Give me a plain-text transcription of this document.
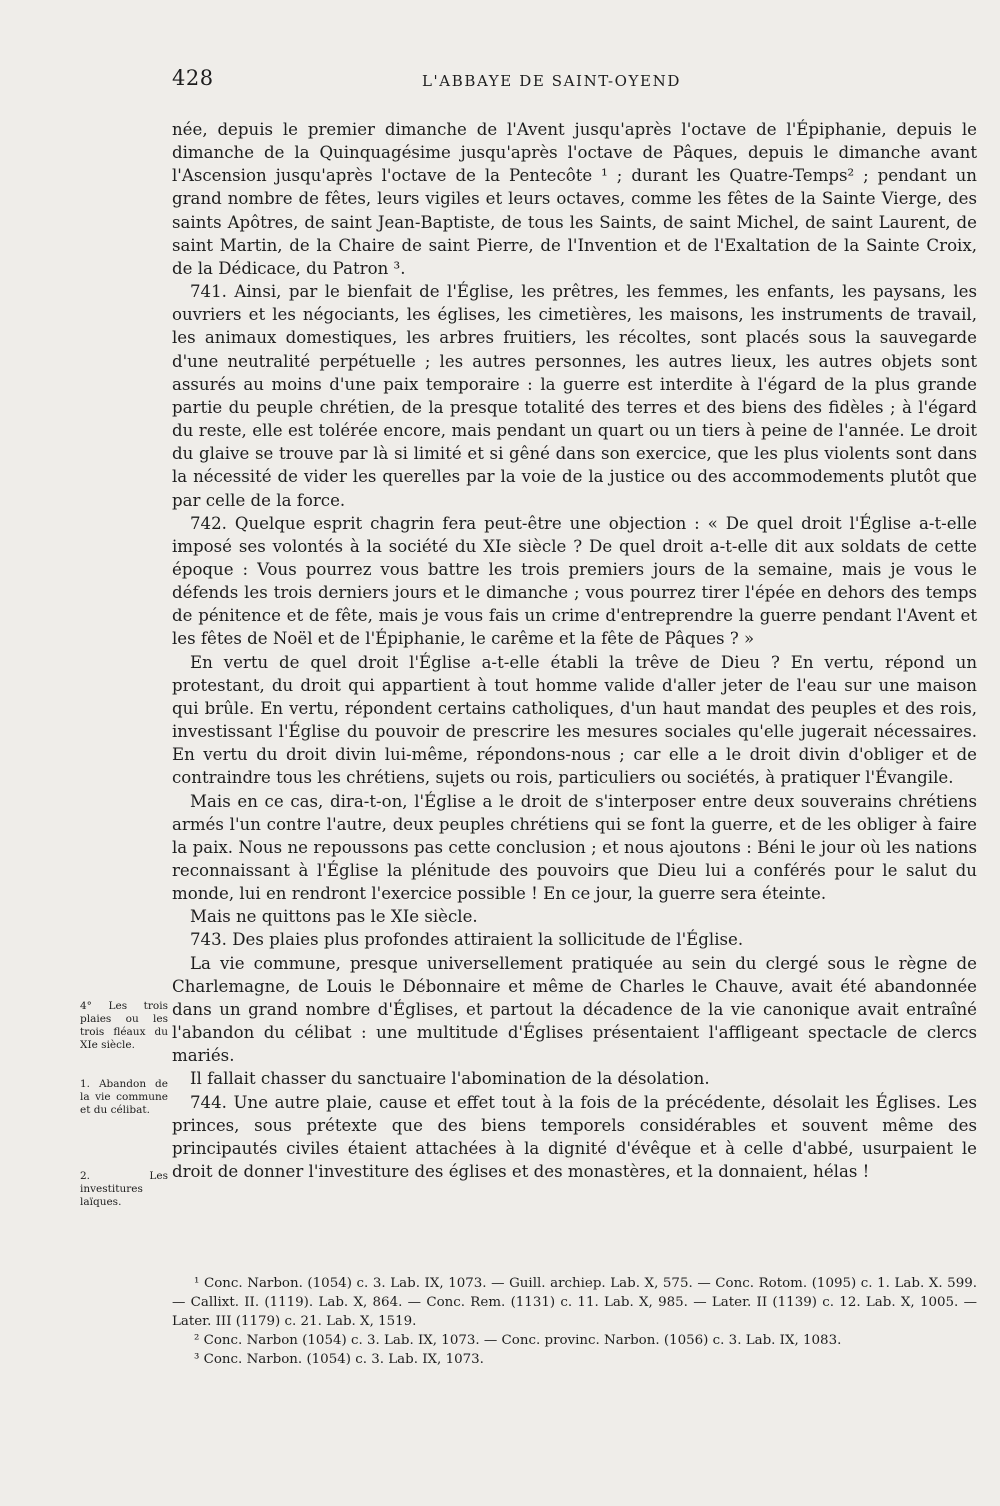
428	L'ABBAYE DE SAINT-OYEND

née, depuis le premier dimanche de l'Avent jusqu'après l'octave de l'Épiphanie, depuis le dimanche de la Quinquagésime jusqu'après l'octave de Pâques, depuis le dimanche avant l'Ascension jusqu'après l'octave de la Pentecôte ¹ ; durant les Quatre-Temps² ; pendant un grand nombre de fêtes, leurs vigiles et leurs octaves, comme les fêtes de la Sainte Vierge, des saints Apôtres, de saint Jean-Baptiste, de tous les Saints, de saint Michel, de saint Laurent, de saint Martin, de la Chaire de saint Pierre, de l'Invention et de l'Exaltation de la Sainte Croix, de la Dédicace, du Patron ³.

741. Ainsi, par le bienfait de l'Église, les prêtres, les femmes, les enfants, les paysans, les ouvriers et les négociants, les églises, les cimetières, les maisons, les instruments de travail, les animaux domestiques, les arbres fruitiers, les récoltes, sont placés sous la sauvegarde d'une neutralité perpétuelle ; les autres personnes, les autres lieux, les autres objets sont assurés au moins d'une paix temporaire : la guerre est interdite à l'égard de la plus grande partie du peuple chrétien, de la presque totalité des terres et des biens des fidèles ; à l'égard du reste, elle est tolérée encore, mais pendant un quart ou un tiers à peine de l'année. Le droit du glaive se trouve par là si limité et si gêné dans son exercice, que les plus violents sont dans la nécessité de vider les querelles par la voie de la justice ou des accommodements plutôt que par celle de la force.

742. Quelque esprit chagrin fera peut-être une objection : « De quel droit l'Église a-t-elle imposé ses volontés à la société du XIe siècle ? De quel droit a-t-elle dit aux soldats de cette époque : Vous pourrez vous battre les trois premiers jours de la semaine, mais je vous le défends les trois derniers jours et le dimanche ; vous pourrez tirer l'épée en dehors des temps de pénitence et de fête, mais je vous fais un crime d'entreprendre la guerre pendant l'Avent et les fêtes de Noël et de l'Épiphanie, le carême et la fête de Pâques ? »

En vertu de quel droit l'Église a-t-elle établi la trêve de Dieu ? En vertu, répond un protestant, du droit qui appartient à tout homme valide d'aller jeter de l'eau sur une maison qui brûle. En vertu, répondent certains catholiques, d'un haut mandat des peuples et des rois, investissant l'Église du pouvoir de prescrire les mesures sociales qu'elle jugerait nécessaires. En vertu du droit divin lui-même, répondons-nous ; car elle a le droit divin d'obliger et de contraindre tous les chrétiens, sujets ou rois, particuliers ou sociétés, à pratiquer l'Évangile.

Mais en ce cas, dira-t-on, l'Église a le droit de s'interposer entre deux souverains chrétiens armés l'un contre l'autre, deux peuples chrétiens qui se font la guerre, et de les obliger à faire la paix. Nous ne repoussons pas cette conclusion ; et nous ajoutons : Béni le jour où les nations reconnaissant à l'Église la plénitude des pouvoirs que Dieu lui a conférés pour le salut du monde, lui en rendront l'exercice possible ! En ce jour, la guerre sera éteinte.

Mais ne quittons pas le XIe siècle.

743. Des plaies plus profondes attiraient la sollicitude de l'Église.

La vie commune, presque universellement pratiquée au sein du clergé sous le règne de Charlemagne, de Louis le Débonnaire et même de Charles le Chauve, avait été abandonnée dans un grand nombre d'Églises, et partout la décadence de la vie canonique avait entraîné l'abandon du célibat : une multitude d'Églises présentaient l'affligeant spectacle de clercs mariés.

Il fallait chasser du sanctuaire l'abomination de la désolation.

744. Une autre plaie, cause et effet tout à la fois de la précédente, désolait les Églises. Les princes, sous prétexte que des biens temporels considérables et souvent même des principautés civiles étaient attachées à la dignité d'évêque et à celle d'abbé, usurpaient le droit de donner l'investiture des églises et des monastères, et la donnaient, hélas !

4° Les trois plaies ou les trois fléaux du XIe siècle.
1. Abandon de la vie commune et du célibat.
2. Les investitures laïques.

¹ Conc. Narbon. (1054) c. 3. Lab. IX, 1073. — Guill. archiep. Lab. X, 575. — Conc. Rotom. (1095) c. 1. Lab. X. 599. — Callixt. II. (1119). Lab. X, 864. — Conc. Rem. (1131) c. 11. Lab. X, 985. — Later. II (1139) c. 12. Lab. X, 1005. — Later. III (1179) c. 21. Lab. X, 1519.

² Conc. Narbon (1054) c. 3. Lab. IX, 1073. — Conc. provinc. Narbon. (1056) c. 3. Lab. IX, 1083.

³ Conc. Narbon. (1054) c. 3. Lab. IX, 1073.
